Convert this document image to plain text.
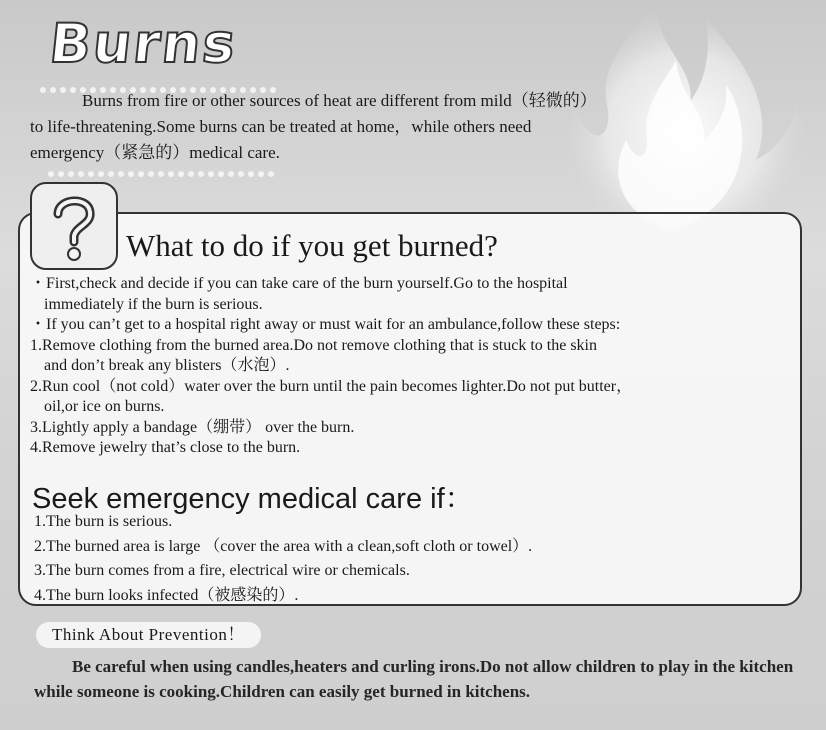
Burns

Burns from fire or other sources of heat are different from mild（轻微的）to life-threatening.Some burns can be treated at home，while others need emergency（紧急的）medical care.

What to do if you get burned?
・First,check and decide if you can take care of the burn yourself.Go to the hospital
immediately if the burn is serious.
・If you can’t get to a hospital right away or must wait for an ambulance,follow these steps:
1.Remove clothing from the burned area.Do not remove clothing that is stuck to the skin
and don’t break any blisters（水泡）.
2.Run cool（not cold）water over the burn until the pain becomes lighter.Do not put butter，
oil,or ice on burns.
3.Lightly apply a bandage（绷带） over the burn.
4.Remove jewelry that’s close to the burn.
Seek emergency medical care if：
1.The burn is serious.
2.The burned area is large （cover the area with a clean,soft cloth or towel）.
3.The burn comes from a fire, electrical wire or chemicals.
4.The burn looks infected（被感染的）.
Think About Prevention！

Be careful when using candles,heaters and curling irons.Do not allow children to play in the kitchen while someone is cooking.Children can easily get burned in kitchens.
